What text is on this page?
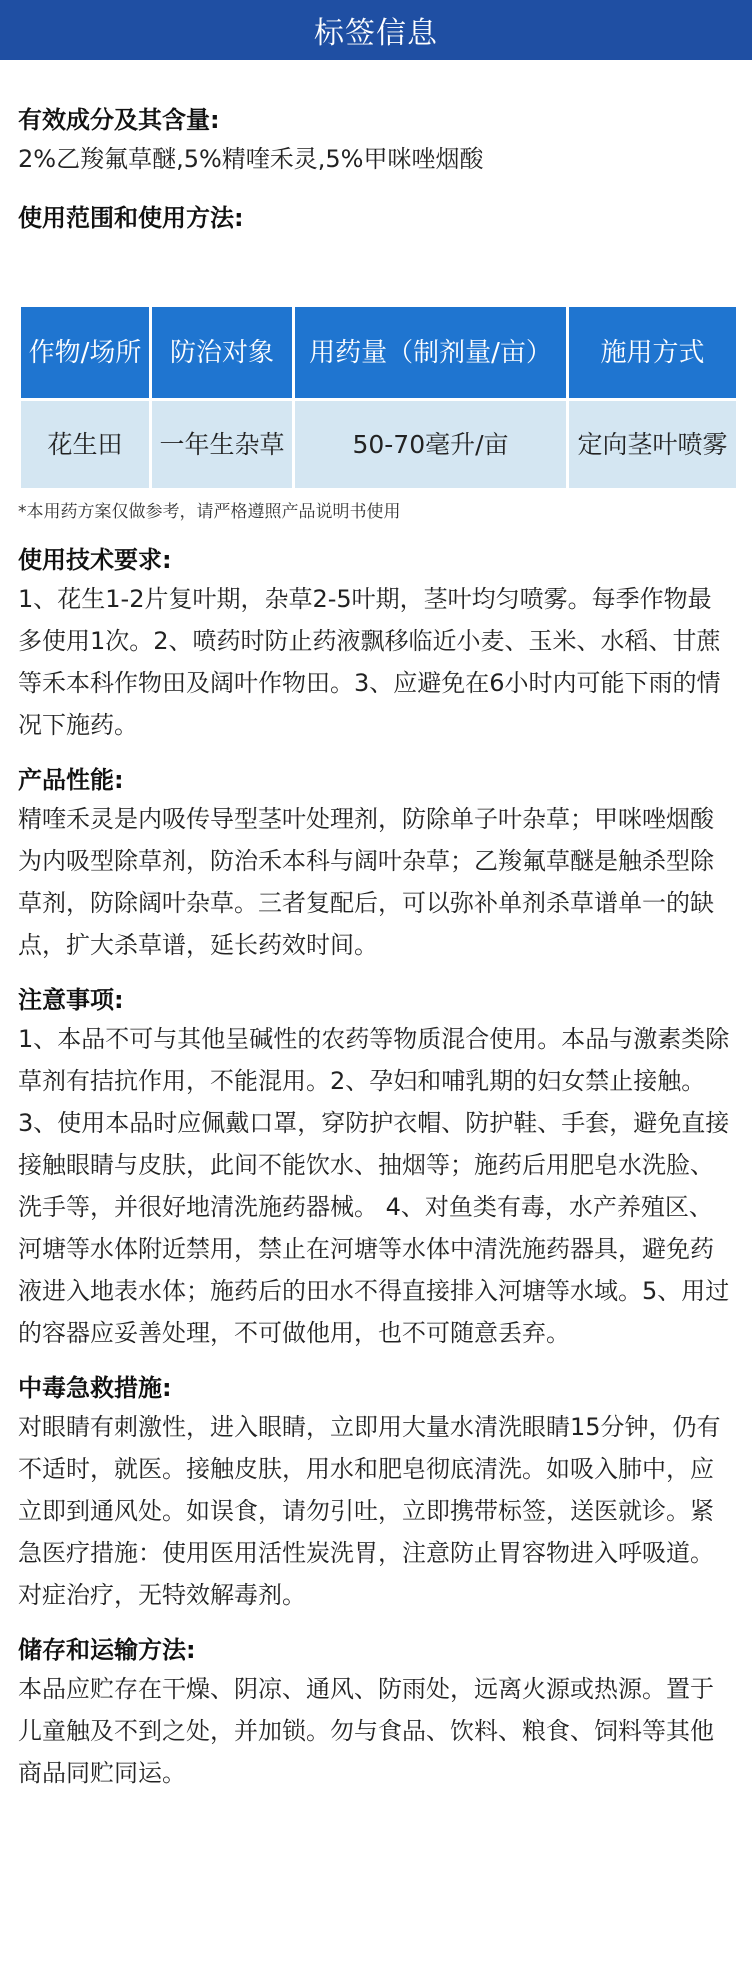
标签信息

有效成分及其含量:

2%乙羧氟草醚,5%精喹禾灵,5%甲咪唑烟酸

使用范围和使用方法:

作物/场所	防治对象	用药量（制剂量/亩）	施用方式
花生田	一年生杂草	50-70毫升/亩	定向茎叶喷雾

*本用药方案仅做参考，请严格遵照产品说明书使用

使用技术要求:

1、花生1-2片复叶期，杂草2-5叶期，茎叶均匀喷雾。每季作物最多使用1次。2、喷药时防止药液飘移临近小麦、玉米、水稻、甘蔗等禾本科作物田及阔叶作物田。3、应避免在6小时内可能下雨的情况下施药。

产品性能:

精喹禾灵是内吸传导型茎叶处理剂，防除单子叶杂草；甲咪唑烟酸为内吸型除草剂，防治禾本科与阔叶杂草；乙羧氟草醚是触杀型除草剂，防除阔叶杂草。三者复配后，可以弥补单剂杀草谱单一的缺点，扩大杀草谱，延长药效时间。

注意事项:

1、本品不可与其他呈碱性的农药等物质混合使用。本品与激素类除草剂有拮抗作用，不能混用。2、孕妇和哺乳期的妇女禁止接触。3、使用本品时应佩戴口罩，穿防护衣帽、防护鞋、手套，避免直接接触眼睛与皮肤，此间不能饮水、抽烟等；施药后用肥皂水洗脸、洗手等，并很好地清洗施药器械。 4、对鱼类有毒，水产养殖区、河塘等水体附近禁用，禁止在河塘等水体中清洗施药器具，避免药液进入地表水体；施药后的田水不得直接排入河塘等水域。5、用过的容器应妥善处理，不可做他用，也不可随意丢弃。

中毒急救措施:

对眼睛有刺激性，进入眼睛，立即用大量水清洗眼睛15分钟，仍有不适时，就医。接触皮肤，用水和肥皂彻底清洗。如吸入肺中，应立即到通风处。如误食，请勿引吐，立即携带标签，送医就诊。紧急医疗措施：使用医用活性炭洗胃，注意防止胃容物进入呼吸道。对症治疗，无特效解毒剂。

储存和运输方法:

本品应贮存在干燥、阴凉、通风、防雨处，远离火源或热源。置于儿童触及不到之处，并加锁。勿与食品、饮料、粮食、饲料等其他商品同贮同运。
